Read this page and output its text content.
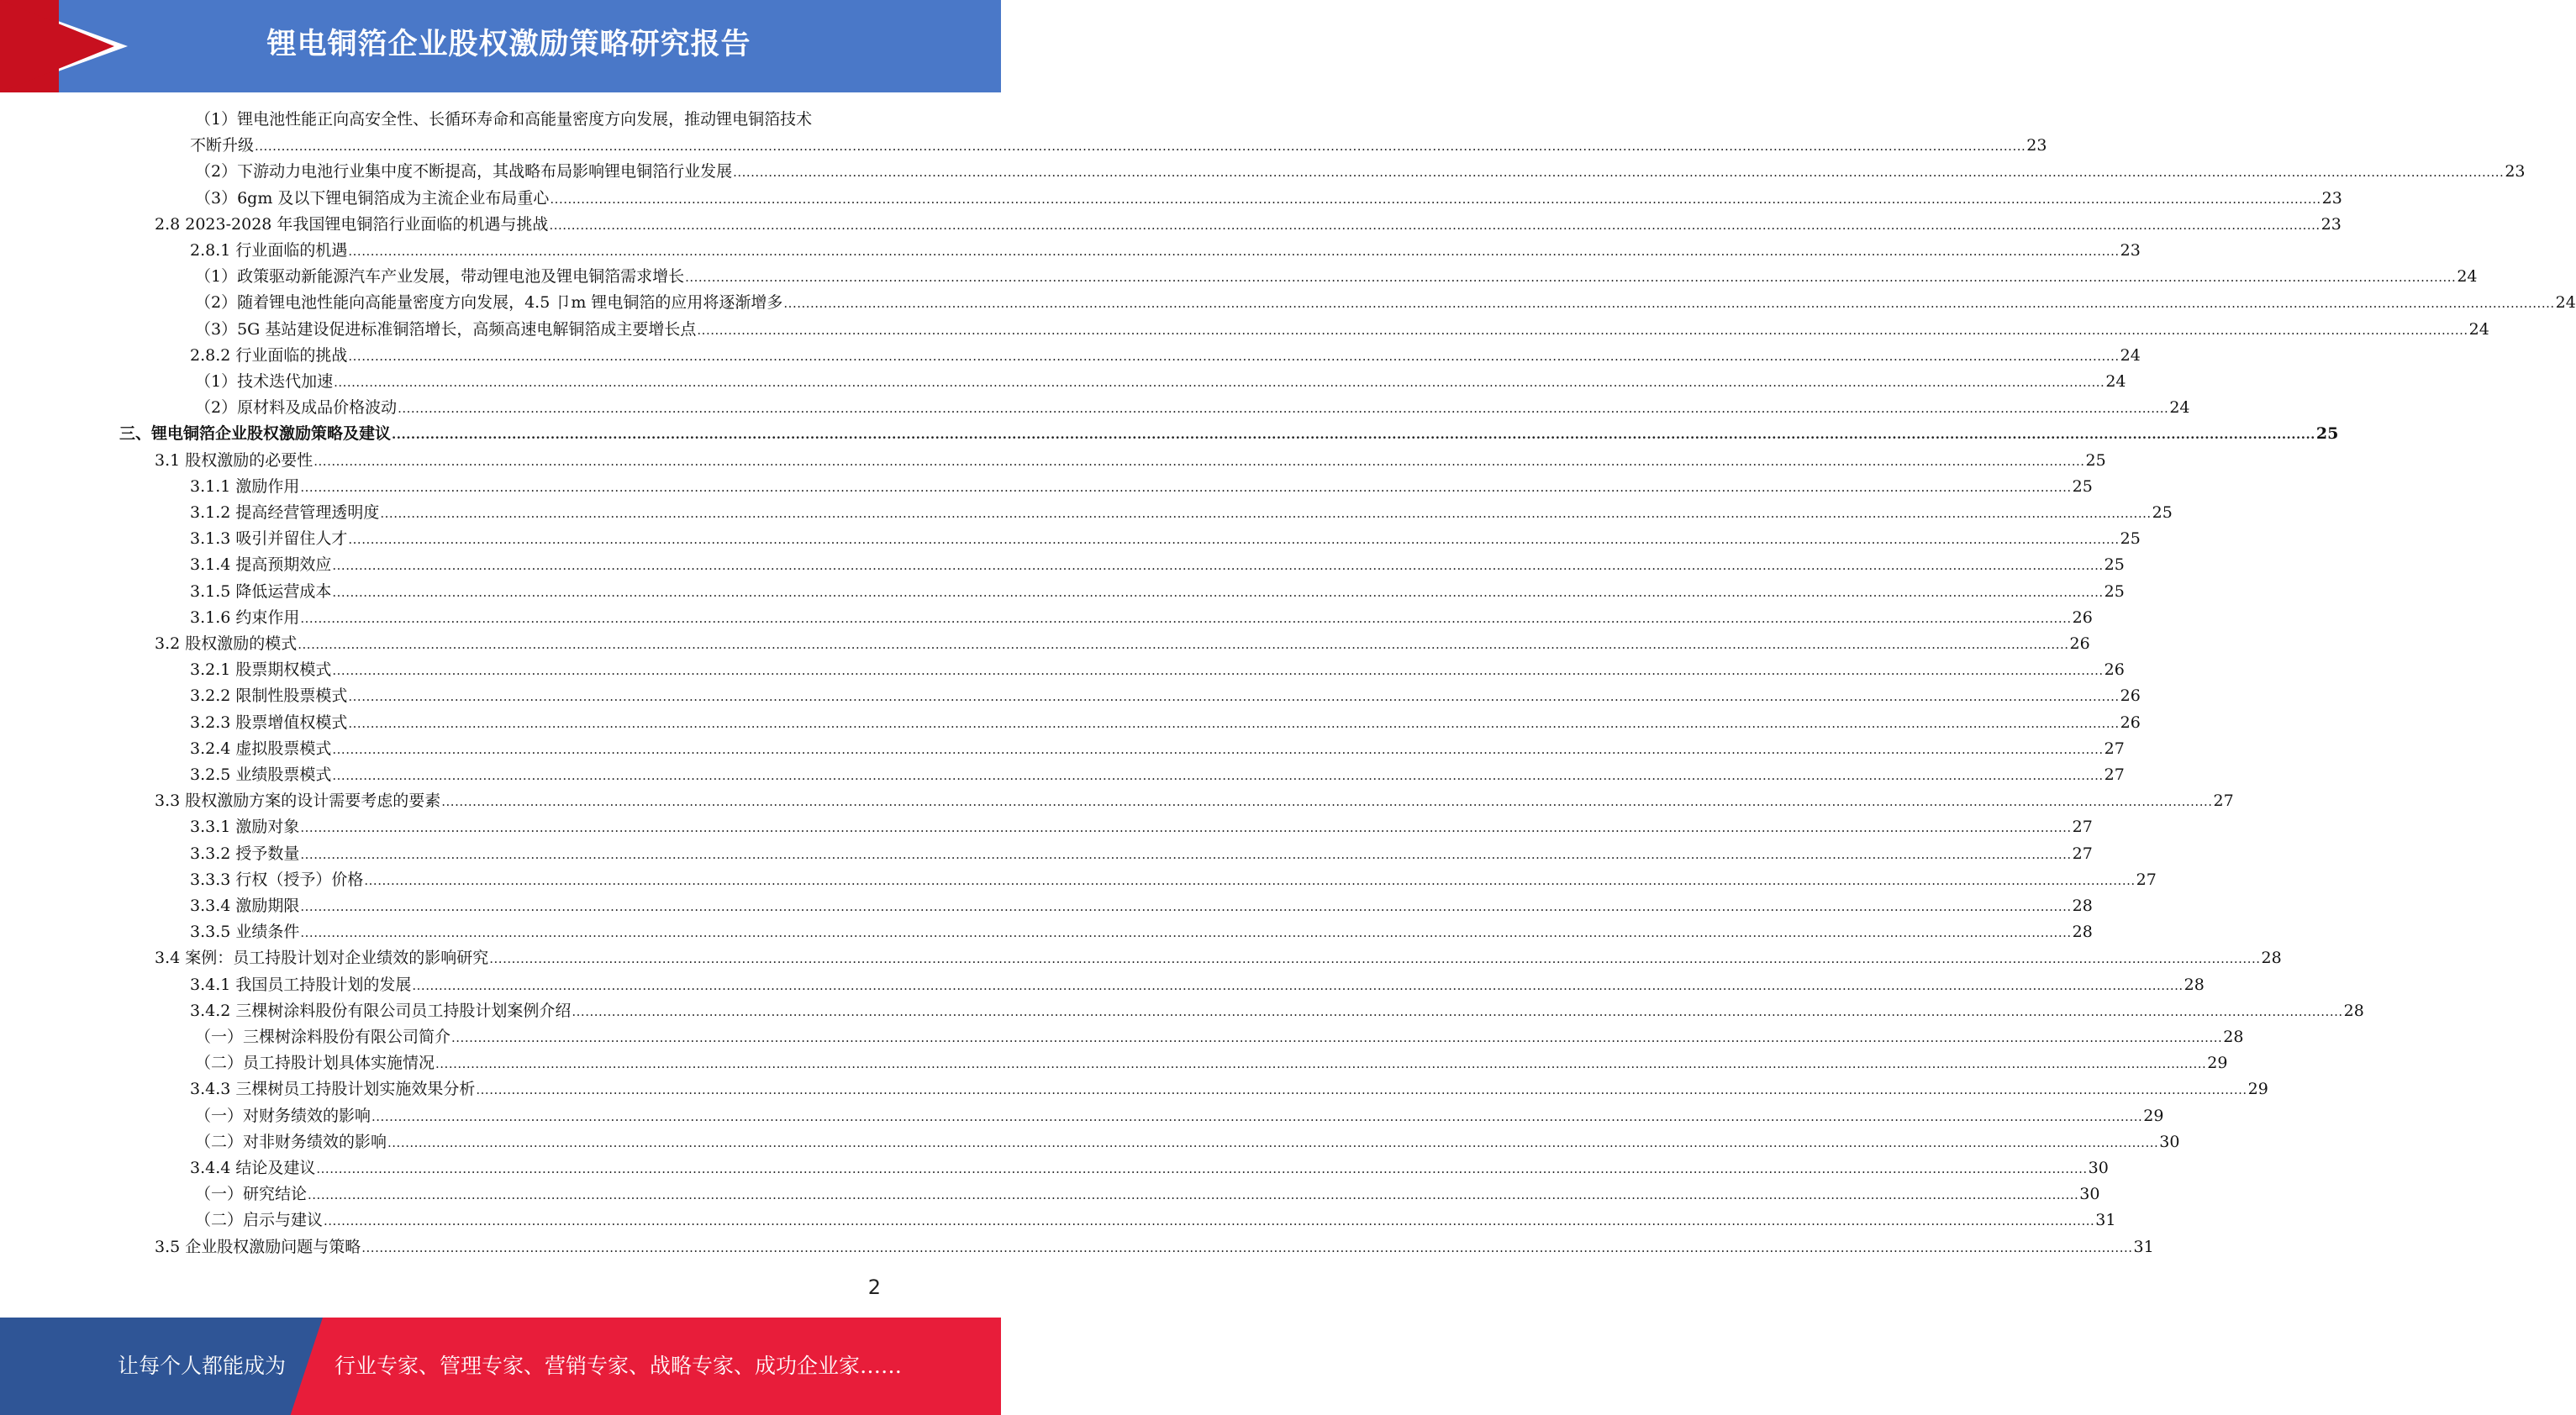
锂电铜箔企业股权激励策略研究报告
（1）锂电池性能正向高安全性、长循环寿命和高能量密度方向发展，推动锂电铜箔技术
不断升级 ................................................................................................................................................................................................................................................................................................................................................................................................................ 23
（2）下游动力电池行业集中度不断提高，其战略布局影响锂电铜箔行业发展 ................................................................................................................................................................................................................................................................................................................................................................................................................ 23
（3）6gm 及以下锂电铜箔成为主流企业布局重心 ................................................................................................................................................................................................................................................................................................................................................................................................................ 23
2.8 2023-2028 年我国锂电铜箔行业面临的机遇与挑战 ................................................................................................................................................................................................................................................................................................................................................................................................................ 23
2.8.1 行业面临的机遇 ................................................................................................................................................................................................................................................................................................................................................................................................................ 23
（1）政策驱动新能源汽车产业发展，带动锂电池及锂电铜箔需求增长 ................................................................................................................................................................................................................................................................................................................................................................................................................ 24
（2）随着锂电池性能向高能量密度方向发展，4.5 卩m 锂电铜箔的应用将逐渐增多 ................................................................................................................................................................................................................................................................................................................................................................................................................ 24
（3）5G 基站建设促进标准铜箔增长，高频高速电解铜箔成主要增长点 ................................................................................................................................................................................................................................................................................................................................................................................................................ 24
2.8.2 行业面临的挑战 ................................................................................................................................................................................................................................................................................................................................................................................................................ 24
（1）技术迭代加速 ................................................................................................................................................................................................................................................................................................................................................................................................................ 24
（2）原材料及成品价格波动 ................................................................................................................................................................................................................................................................................................................................................................................................................ 24
三、锂电铜箔企业股权激励策略及建议 ................................................................................................................................................................................................................................................................................................................................................................................................................ 25
3.1 股权激励的必要性 ................................................................................................................................................................................................................................................................................................................................................................................................................ 25
3.1.1 激励作用 ................................................................................................................................................................................................................................................................................................................................................................................................................ 25
3.1.2 提高经营管理透明度 ................................................................................................................................................................................................................................................................................................................................................................................................................ 25
3.1.3 吸引并留住人才 ................................................................................................................................................................................................................................................................................................................................................................................................................ 25
3.1.4 提高预期效应 ................................................................................................................................................................................................................................................................................................................................................................................................................ 25
3.1.5 降低运营成本 ................................................................................................................................................................................................................................................................................................................................................................................................................ 25
3.1.6 约束作用 ................................................................................................................................................................................................................................................................................................................................................................................................................ 26
3.2 股权激励的模式 ................................................................................................................................................................................................................................................................................................................................................................................................................ 26
3.2.1 股票期权模式 ................................................................................................................................................................................................................................................................................................................................................................................................................ 26
3.2.2 限制性股票模式 ................................................................................................................................................................................................................................................................................................................................................................................................................ 26
3.2.3 股票增值权模式 ................................................................................................................................................................................................................................................................................................................................................................................................................ 26
3.2.4 虚拟股票模式 ................................................................................................................................................................................................................................................................................................................................................................................................................ 27
3.2.5 业绩股票模式 ................................................................................................................................................................................................................................................................................................................................................................................................................ 27
3.3 股权激励方案的设计需要考虑的要素 ................................................................................................................................................................................................................................................................................................................................................................................................................ 27
3.3.1 激励对象 ................................................................................................................................................................................................................................................................................................................................................................................................................ 27
3.3.2 授予数量 ................................................................................................................................................................................................................................................................................................................................................................................................................ 27
3.3.3 行权（授予）价格 ................................................................................................................................................................................................................................................................................................................................................................................................................ 27
3.3.4 激励期限 ................................................................................................................................................................................................................................................................................................................................................................................................................ 28
3.3.5 业绩条件 ................................................................................................................................................................................................................................................................................................................................................................................................................ 28
3.4 案例：员工持股计划对企业绩效的影响研究 ................................................................................................................................................................................................................................................................................................................................................................................................................ 28
3.4.1 我国员工持股计划的发展 ................................................................................................................................................................................................................................................................................................................................................................................................................ 28
3.4.2 三棵树涂料股份有限公司员工持股计划案例介绍 ................................................................................................................................................................................................................................................................................................................................................................................................................ 28
（一）三棵树涂料股份有限公司简介 ................................................................................................................................................................................................................................................................................................................................................................................................................ 28
（二）员工持股计划具体实施情况 ................................................................................................................................................................................................................................................................................................................................................................................................................ 29
3.4.3 三棵树员工持股计划实施效果分析 ................................................................................................................................................................................................................................................................................................................................................................................................................ 29
（一）对财务绩效的影响 ................................................................................................................................................................................................................................................................................................................................................................................................................ 29
（二）对非财务绩效的影响 ................................................................................................................................................................................................................................................................................................................................................................................................................ 30
3.4.4 结论及建议 ................................................................................................................................................................................................................................................................................................................................................................................................................ 30
（一）研究结论 ................................................................................................................................................................................................................................................................................................................................................................................................................ 30
（二）启示与建议 ................................................................................................................................................................................................................................................................................................................................................................................................................ 31
3.5 企业股权激励问题与策略 ................................................................................................................................................................................................................................................................................................................................................................................................................ 31
2
让每个人都能成为 行业专家、管理专家、营销专家、战略专家、成功企业家……
